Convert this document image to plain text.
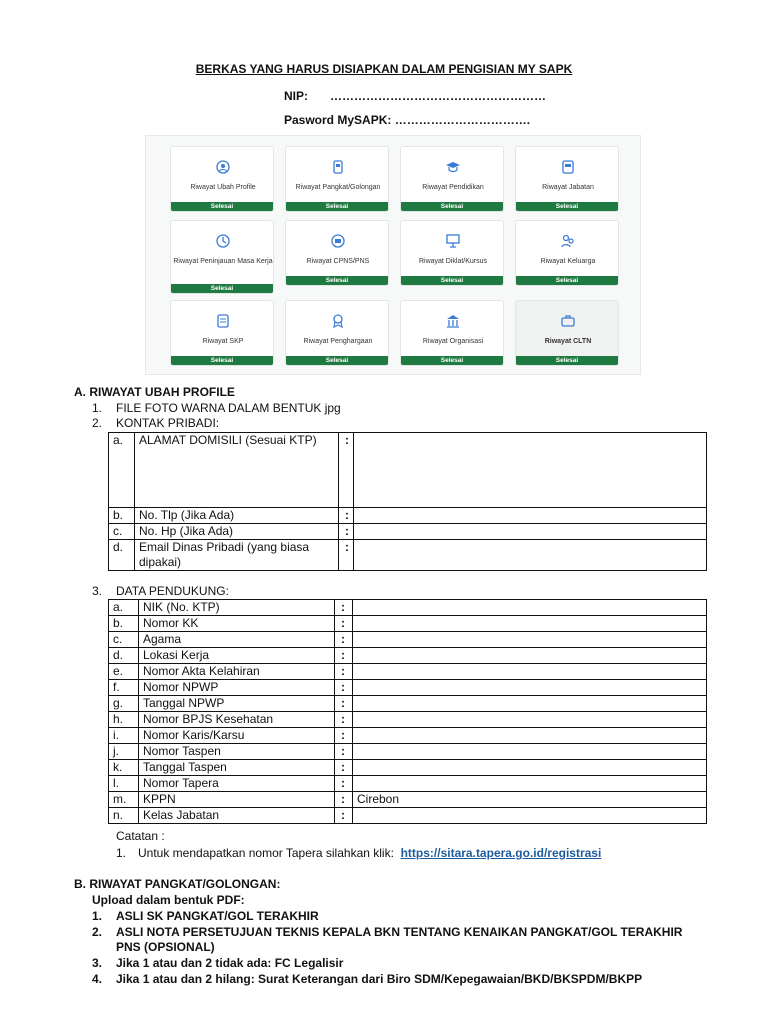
BERKAS YANG HARUS DISIAPKAN DALAM PENGISIAN MY SAPK
NIP: ………………………………………………
Pasword MySAPK: …………………………….
Riwayat Ubah Profile
Selesai
Riwayat Pangkat/Golongan
Selesai
Riwayat Pendidikan
Selesai
Riwayat Jabatan
Selesai
Riwayat Peninjauan Masa Kerja
Selesai
Riwayat CPNS/PNS
Selesai
Riwayat Diklat/Kursus
Selesai
Riwayat Keluarga
Selesai
Riwayat SKP
Selesai
Riwayat Penghargaan
Selesai
Riwayat Organisasi
Selesai
Riwayat CLTN
Selesai
A. RIWAYAT UBAH PROFILE
1. FILE FOTO WARNA DALAM BENTUK jpg
2. KONTAK PRIBADI:
a.	ALAMAT DOMISILI (Sesuai KTP)	:	
b.	No. Tlp (Jika Ada)	:	
c.	No. Hp (Jika Ada)	:	
d.	Email Dinas Pribadi (yang biasa dipakai)	:	
3. DATA PENDUKUNG:
a.	NIK (No. KTP)	:	
b.	Nomor KK	:	
c.	Agama	:	
d.	Lokasi Kerja	:	
e.	Nomor Akta Kelahiran	:	
f.	Nomor NPWP	:	
g.	Tanggal NPWP	:	
h.	Nomor BPJS Kesehatan	:	
i.	Nomor Karis/Karsu	:	
j.	Nomor Taspen	:	
k.	Tanggal Taspen	:	
l.	Nomor Tapera	:	
m.	KPPN	:	Cirebon
n.	Kelas Jabatan	:	
Catatan :
1. Untuk mendapatkan nomor Tapera silahkan klik: https://sitara.tapera.go.id/registrasi
B. RIWAYAT PANGKAT/GOLONGAN:
Upload dalam bentuk PDF:
1. ASLI SK PANGKAT/GOL TERAKHIR
2. ASLI NOTA PERSETUJUAN TEKNIS KEPALA BKN TENTANG KENAIKAN PANGKAT/GOL TERAKHIR PNS (OPSIONAL)
3. Jika 1 atau dan 2 tidak ada: FC Legalisir
4. Jika 1 atau dan 2 hilang: Surat Keterangan dari Biro SDM/Kepegawaian/BKD/BKSPDM/BKPP
